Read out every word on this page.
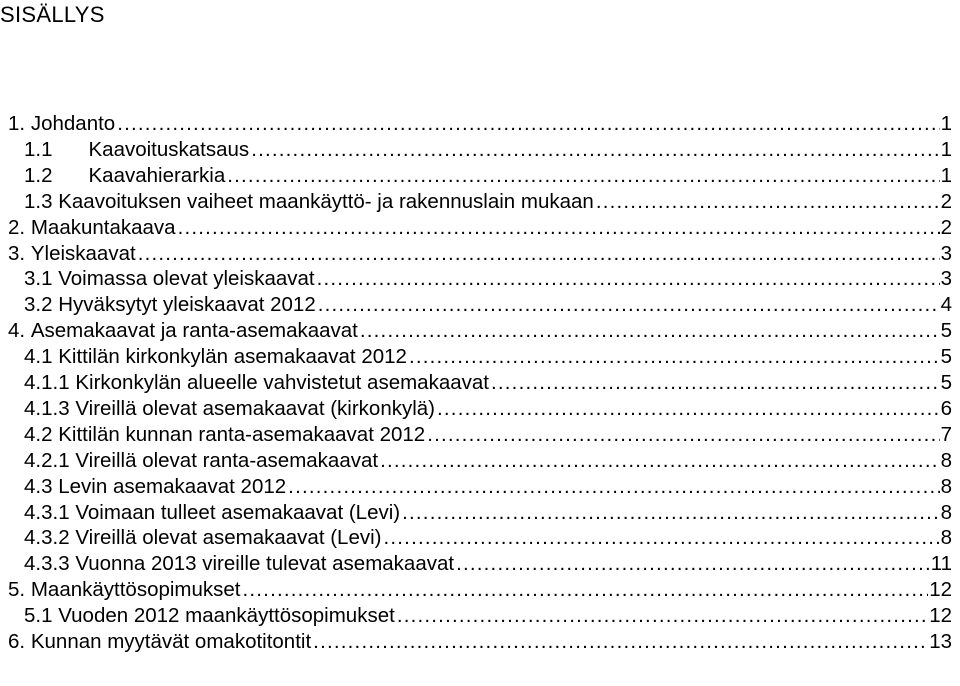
SISÄLLYS
1. Johdanto .....	1
1.1 Kaavoituskatsaus .....	1
1.2 Kaavahierarkia .....	1
1.3 Kaavoituksen vaiheet maankäyttö- ja rakennuslain mukaan .....	2
2. Maakuntakaava .....	2
3. Yleiskaavat .....	3
3.1 Voimassa olevat yleiskaavat .....	3
3.2 Hyväksytyt yleiskaavat 2012 .....	4
4. Asemakaavat ja ranta-asemakaavat .....	5
4.1 Kittilän kirkonkylän asemakaavat 2012 .....	5
4.1.1 Kirkonkylän alueelle vahvistetut asemakaavat .....	5
4.1.3 Vireillä olevat asemakaavat (kirkonkylä) .....	6
4.2 Kittilän kunnan ranta-asemakaavat 2012 .....	7
4.2.1 Vireillä olevat ranta-asemakaavat .....	8
4.3 Levin asemakaavat 2012 .....	8
4.3.1 Voimaan tulleet asemakaavat (Levi) .....	8
4.3.2 Vireillä olevat asemakaavat (Levi) .....	8
4.3.3 Vuonna 2013 vireille tulevat asemakaavat .....	11
5. Maankäyttösopimukset .....	12
5.1 Vuoden 2012 maankäyttösopimukset .....	12
6. Kunnan myytävät omakotitontit .....	13
